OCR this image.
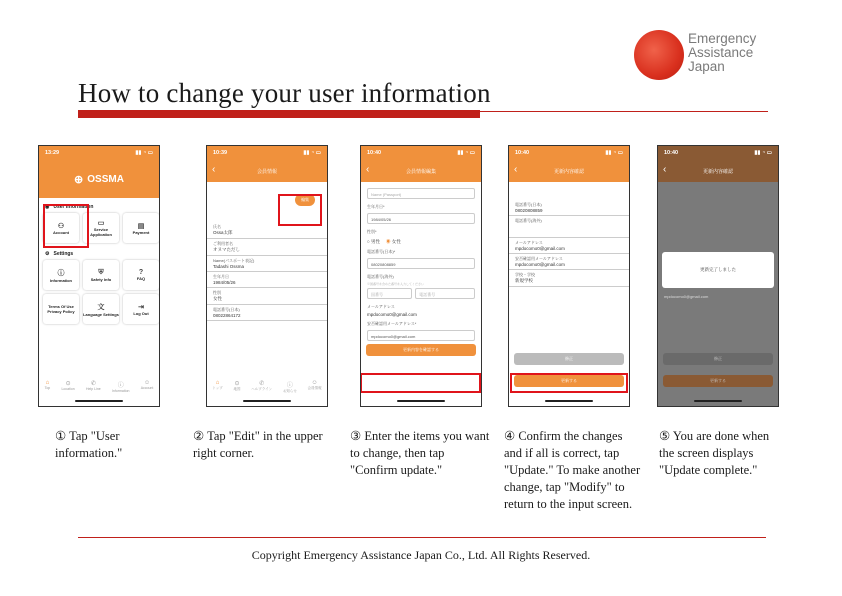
Emergency
Assistance
Japan
How to change your user information
13:29	▮▮ ◔ ▭
⊕ OSSMA
◉ User Information
⚇
Account
▭
Service Application
▤
Payment
⚙ Settings
ⓘ
Information
⛨
Safety Info
?
FAQ
Terms Of Use Privacy Policy
文
Language Settings
⇥
Log Out
⌂
Top
⊙
Location
✆
Help Line	ⓘ
Information
☺
Account
10:39	▮▮ ◔ ▭
‹	会員情報
編集
氏名
Ossa太郎
ご利用者名
オヌマただし
Name(パスポート表記)
Tadashi Ossma
生年月日
1984/05/26
性別
女性
電話番号(日本)
08022864172
⌂
トップ
⊙
地図
✆
ヘルプライン ⓘ
お知らせ
☺
会員情報
10:40	▮▮ ◔ ▭
‹	会員情報編集
Name (Passport)
生年月日*
1984/05/26
性別*
○ 男性 ◉ 女性
電話番号(日本)*
08020808859
電話番号(海外)
※国番号を含めた番号を入力してください
国番号	電話番号
メールアドレス
mpdocomo0@gmail.com
安否確認用メールアドレス*
mpdocomo0@gmail.com
更新内容を確認する
10:40	▮▮ ◔ ▭
‹	更新内容確認
電話番号(日本)
08020808859
電話番号(海外)
メールアドレス
mpdocomo0@gmail.com
安否確認用メールアドレス
mpdocomo0@gmail.com
学校・学校
新規学校
修正
更新する
10:40	▮▮ ◔ ▭
‹	更新内容確認
更新完了しました
mpdocomo0@gmail.com
修正
更新する
① Tap "User information."
② Tap "Edit" in the upper right corner.
③ Enter the items you want to change, then tap "Confirm update."
④ Confirm the changes and if all is correct, tap "Update." To make another change, tap "Modify" to return to the input screen.
⑤ You are done when the screen displays "Update complete."
Copyright Emergency Assistance Japan Co., Ltd. All Rights Reserved.
